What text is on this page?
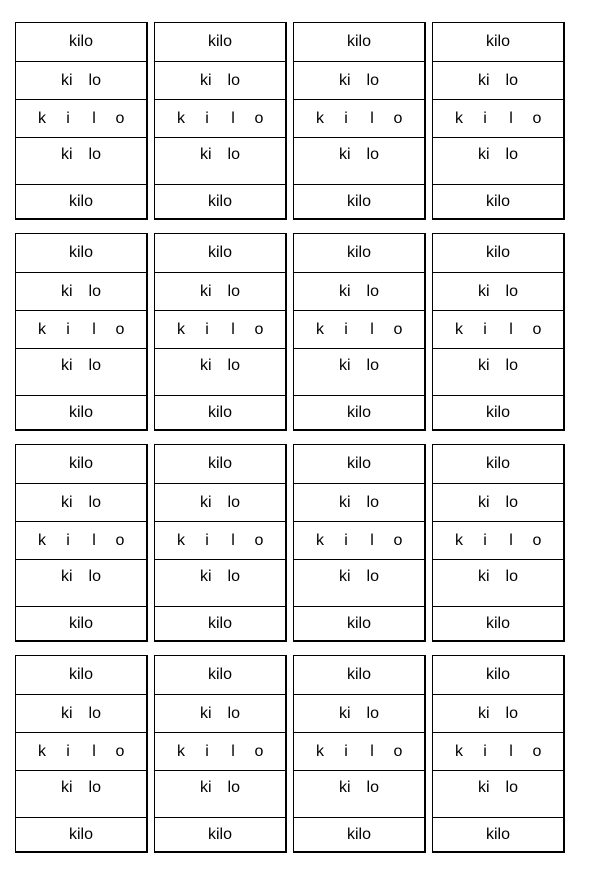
kilo
ki lo
k	i	l	o
ki lo
kilo
kilo
ki lo
k	i	l	o
ki lo
kilo
kilo
ki lo
k	i	l	o
ki lo
kilo
kilo
ki lo
k	i	l	o
ki lo
kilo
kilo
ki lo
k	i	l	o
ki lo
kilo
kilo
ki lo
k	i	l	o
ki lo
kilo
kilo
ki lo
k	i	l	o
ki lo
kilo
kilo
ki lo
k	i	l	o
ki lo
kilo
kilo
ki lo
k	i	l	o
ki lo
kilo
kilo
ki lo
k	i	l	o
ki lo
kilo
kilo
ki lo
k	i	l	o
ki lo
kilo
kilo
ki lo
k	i	l	o
ki lo
kilo
kilo
ki lo
k	i	l	o
ki lo
kilo
kilo
ki lo
k	i	l	o
ki lo
kilo
kilo
ki lo
k	i	l	o
ki lo
kilo
kilo
ki lo
k	i	l	o
ki lo
kilo
